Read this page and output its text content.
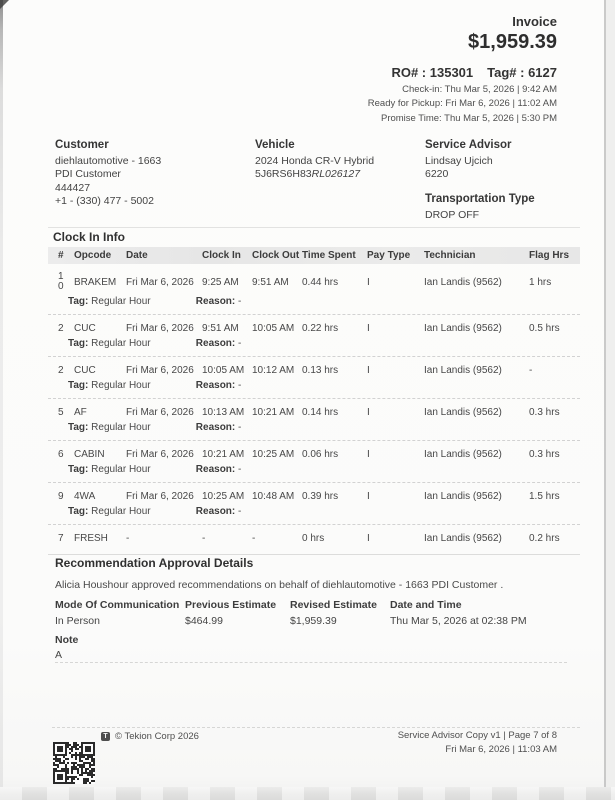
Invoice
$1,959.39
RO# : 135301 Tag# : 6127
Check-in: Thu Mar 5, 2026 | 9:42 AM
Ready for Pickup: Fri Mar 6, 2026 | 11:02 AM
Promise Time: Thu Mar 5, 2026 | 5:30 PM
Customer
diehlautomotive - 1663
PDI Customer
444427
+1 - (330) 477 - 5002
Vehicle
2024 Honda CR-V Hybrid
5J6RS6H83RL026127
Service Advisor
Lindsay Ujcich
6220
Transportation Type
DROP OFF
Clock In Info
#	Opcode	Date	Clock In	Clock Out Time Spent	Pay Type	Technician	Flag Hrs
10	BRAKEM Fri Mar 6, 2026 9:25 AM	9:51 AM	0.44 hrs	I	Ian Landis (9562)	1 hrs
Tag: Regular Hour	Reason: -
2	CUC	Fri Mar 6, 2026 9:51 AM	10:05 AM 0.22 hrs	I	Ian Landis (9562)	0.5 hrs
Tag: Regular Hour	Reason: -
2	CUC	Fri Mar 6, 2026 10:05 AM 10:12 AM 0.13 hrs	I	Ian Landis (9562)	-
Tag: Regular Hour	Reason: -
5	AF	Fri Mar 6, 2026 10:13 AM 10:21 AM 0.14 hrs	I	Ian Landis (9562)	0.3 hrs
Tag: Regular Hour	Reason: -
6	CABIN	Fri Mar 6, 2026 10:21 AM 10:25 AM 0.06 hrs	I	Ian Landis (9562)	0.3 hrs
Tag: Regular Hour	Reason: -
9	4WA	Fri Mar 6, 2026 10:25 AM 10:48 AM 0.39 hrs	I	Ian Landis (9562)	1.5 hrs
Tag: Regular Hour	Reason: -
7	FRESH	-	-	-	0 hrs	I	Ian Landis (9562)	0.2 hrs
Recommendation Approval Details
Alicia Houshour approved recommendations on behalf of diehlautomotive - 1663 PDI Customer .
Mode Of Communication
In Person
Previous Estimate
$464.99
Revised Estimate
$1,959.39
Date and Time
Thu Mar 5, 2026 at 02:38 PM
Note
A
T © Tekion Corp 2026	Service Advisor Copy v1 | Page 7 of 8
Fri Mar 6, 2026 | 11:03 AM
